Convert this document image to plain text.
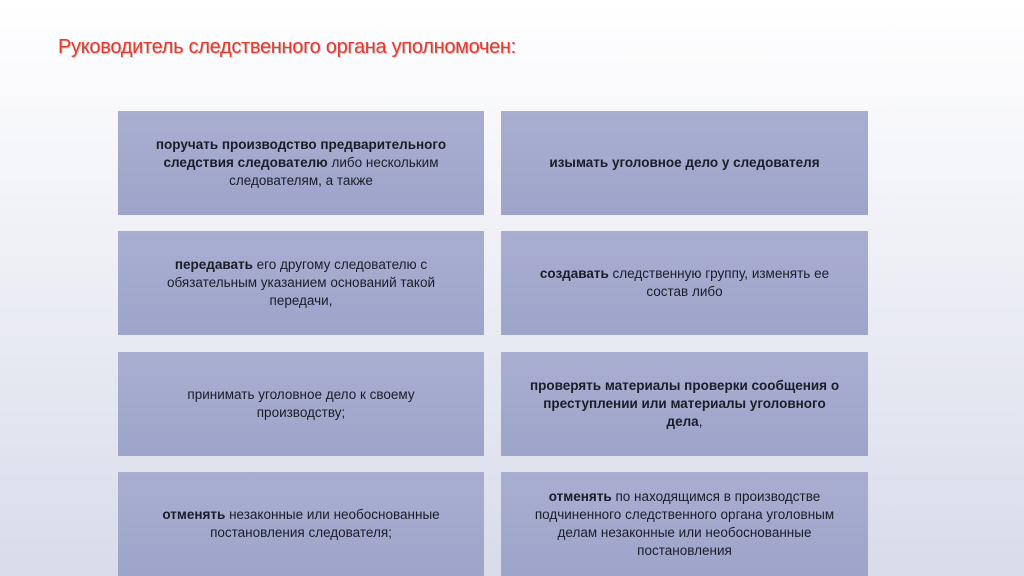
Руководитель следственного органа уполномочен:

поручать производство предварительного следствия следователю либо нескольким следователям, а также

изымать уголовное дело у следователя

передавать его другому следователю с обязательным указанием оснований такой передачи,

создавать следственную группу, изменять ее состав либо

принимать уголовное дело к своему производству;

проверять материалы проверки сообщения о преступлении или материалы уголовного дела,

отменять незаконные или необоснованные постановления следователя;

отменять по находящимся в производстве подчиненного следственного органа уголовным делам незаконные или необоснованные постановления
